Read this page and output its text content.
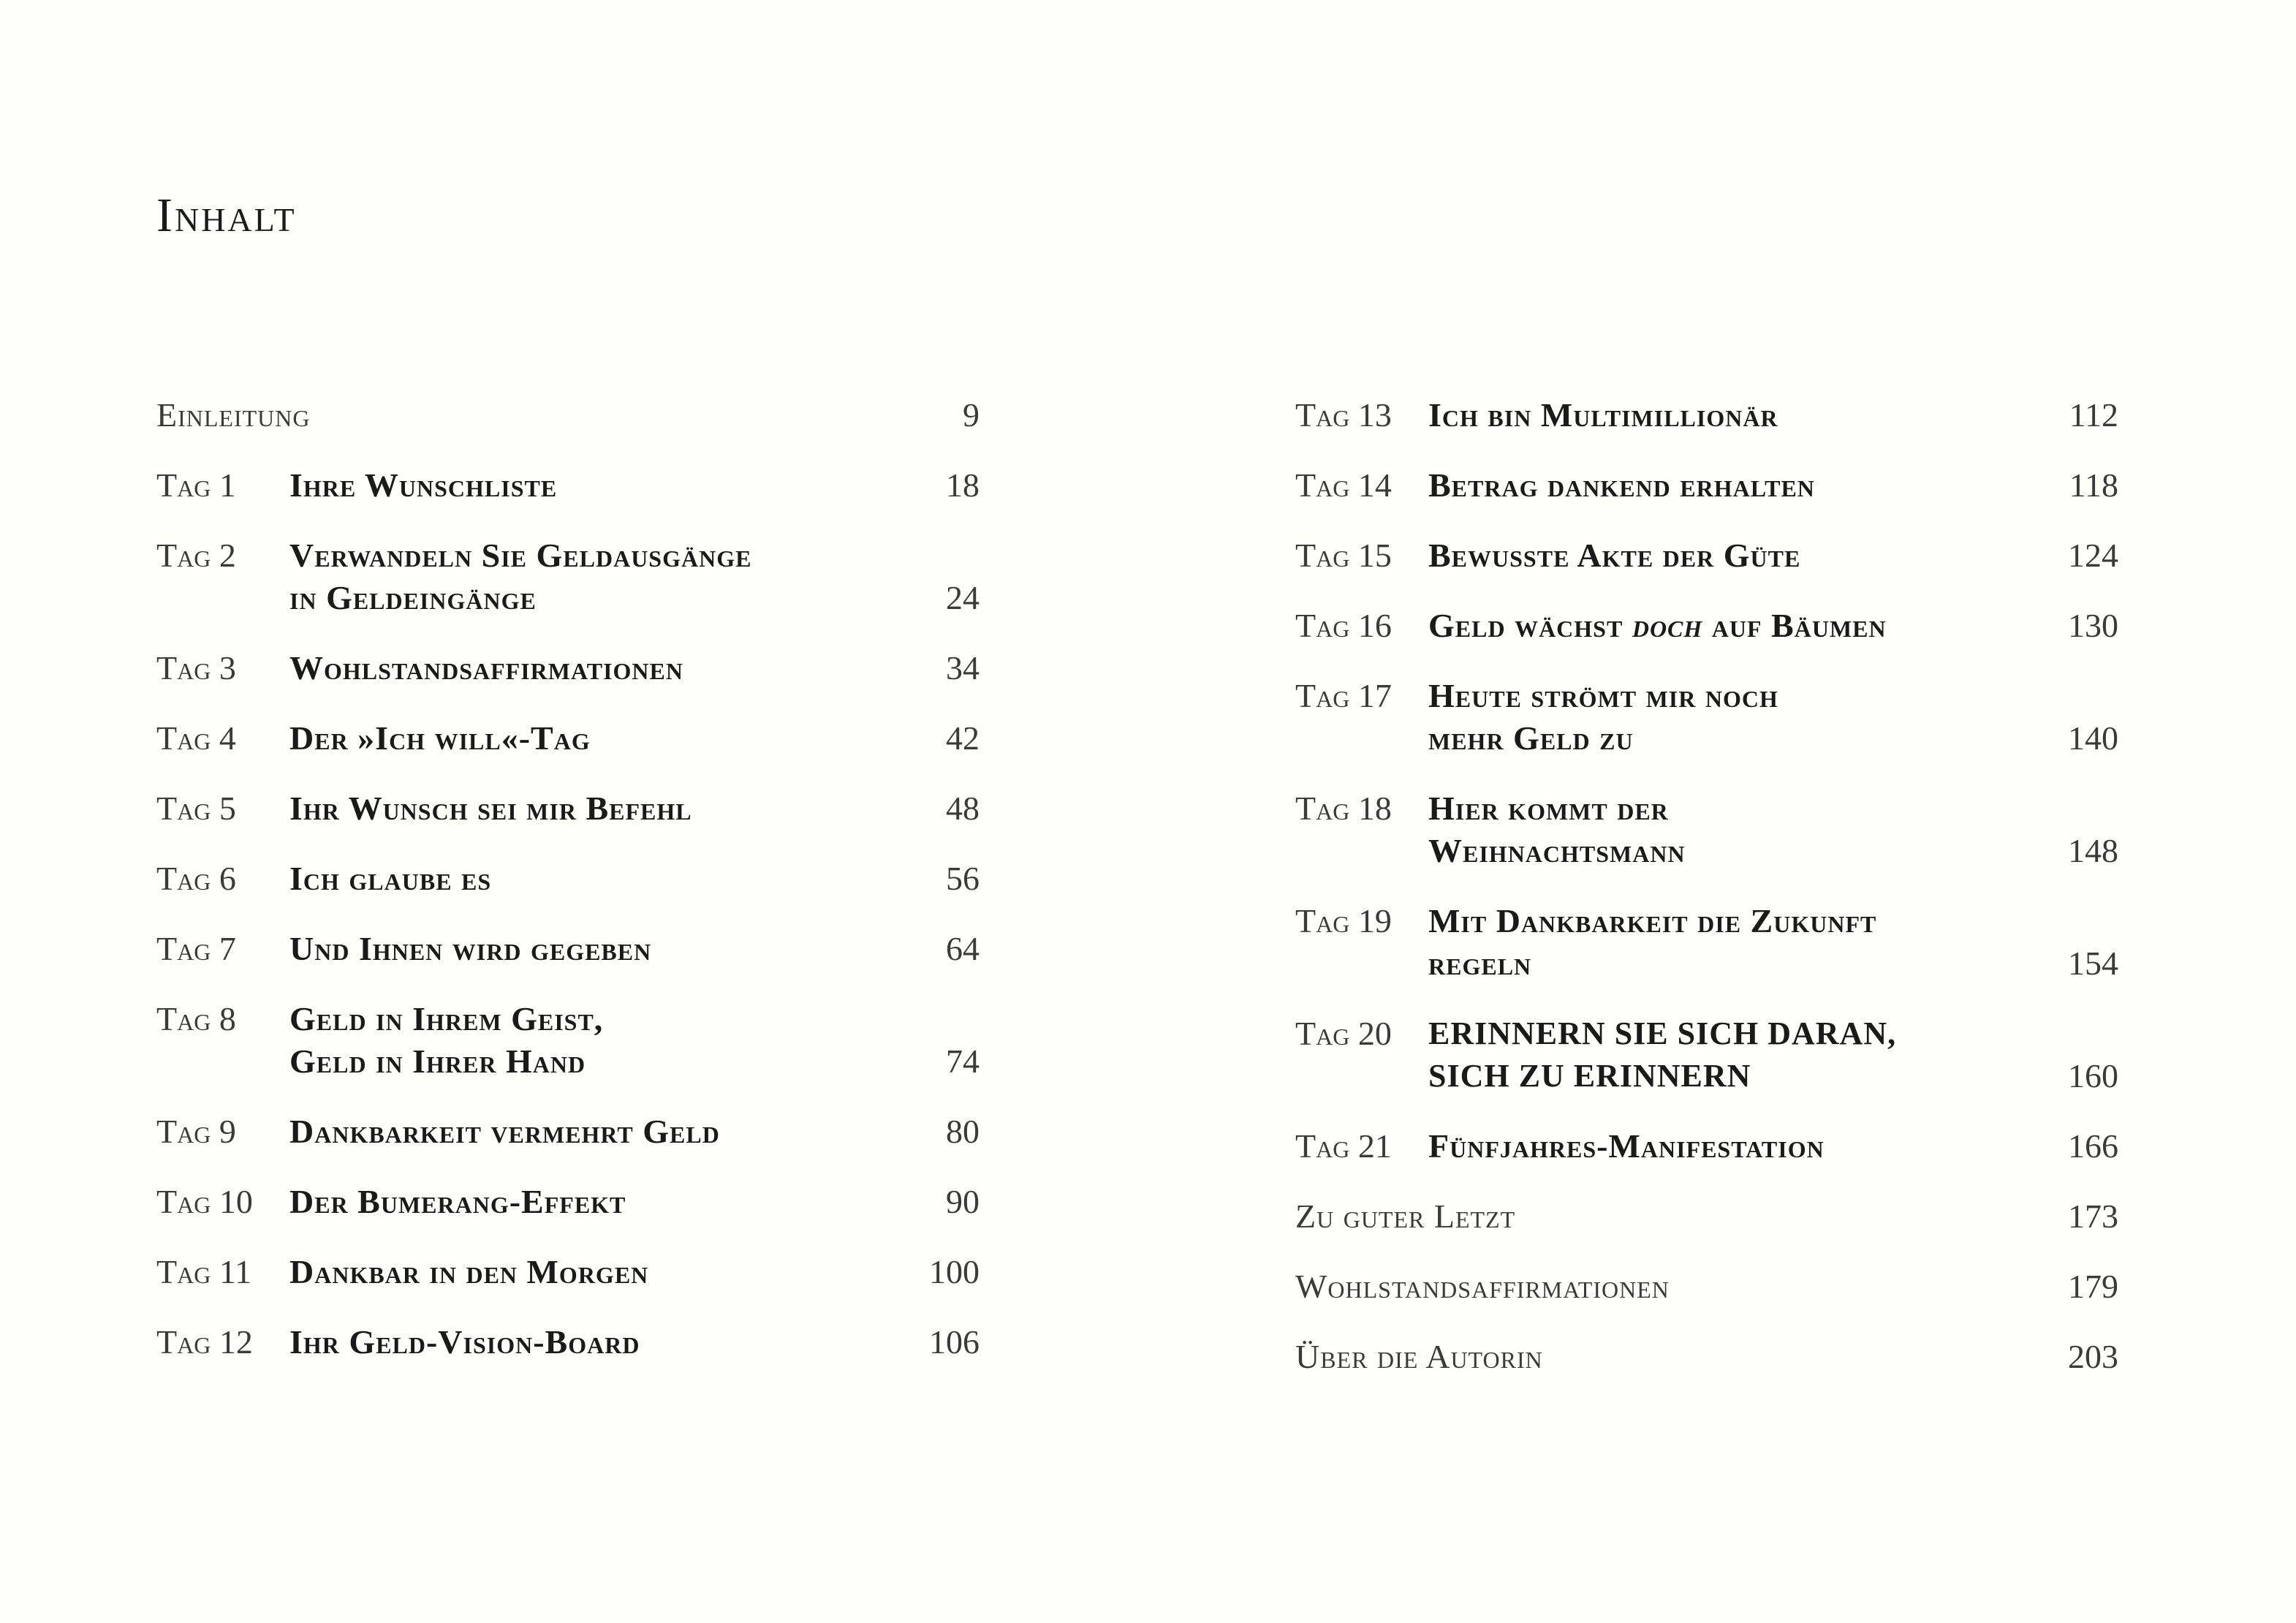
Inhalt
Einleitung	9
Tag 1 Ihre Wunschliste	18
Tag 2 Verwandeln Sie Geldausgänge
in Geldeingänge	24
Tag 3 Wohlstandsaffirmationen	34
Tag 4 Der »Ich will«-Tag	42
Tag 5 Ihr Wunsch sei mir Befehl	48
Tag 6 Ich glaube es	56
Tag 7 Und Ihnen wird gegeben	64
Tag 8 Geld in Ihrem Geist,
Geld in Ihrer Hand	74
Tag 9 Dankbarkeit vermehrt Geld	80
Tag 10 Der Bumerang-Effekt	90
Tag 11 Dankbar in den Morgen	100
Tag 12 Ihr Geld-Vision-Board	106
Tag 13 Ich bin Multimillionär	112
Tag 14 Betrag dankend erhalten	118
Tag 15 Bewusste Akte der Güte	124
Tag 16 Geld wächst doch auf Bäumen	130
Tag 17 Heute strömt mir noch
mehr Geld zu	140
Tag 18 Hier kommt der
Weihnachtsmann	148
Tag 19 Mit Dankbarkeit die Zukunft
regeln	154
Tag 20 ERINNERN SIE SICH DARAN,
SICH ZU ERINNERN	160
Tag 21 Fünfjahres-Manifestation	166
Zu guter Letzt	173
Wohlstandsaffirmationen	179
Über die Autorin	203
